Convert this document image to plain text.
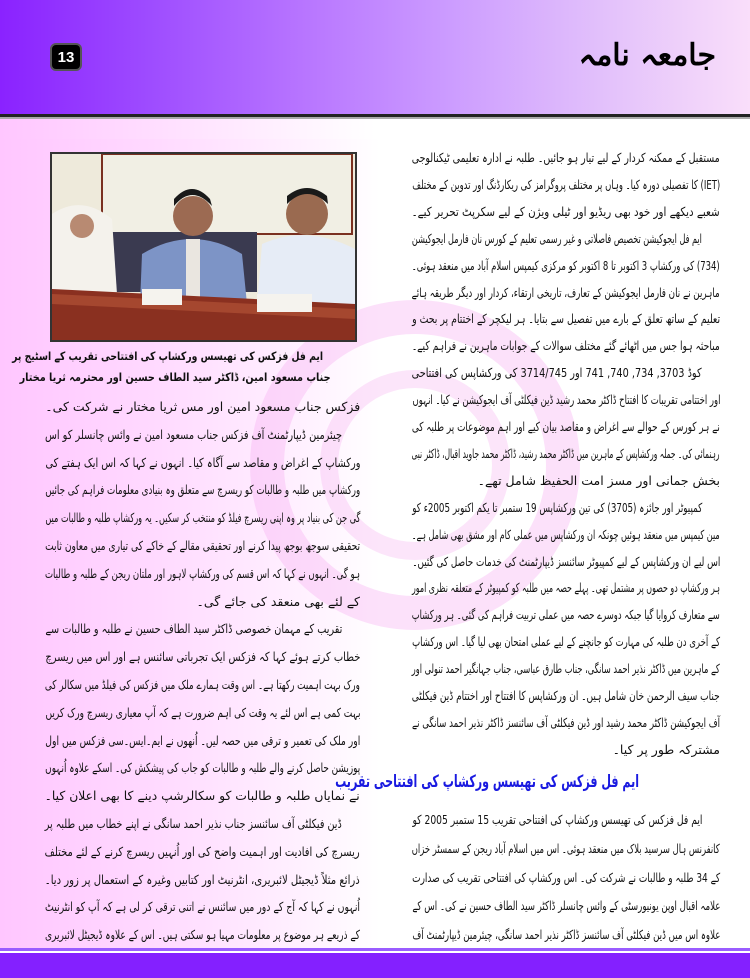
13	جامعہ نامہ
ایم فل فزکس کی تھیسس ورکشاپ کی افتتاحی تقریب کے اسٹیج پر
جناب مسعود امین، ڈاکٹر سید الطاف حسین اور محترمہ ثریا مختار
فزکس جناب مسعود امین اور مس ثریا مختار نے شرکت کی۔
چیئرمین ڈیپارٹمنٹ آف فزکس جناب مسعود امین نے وائس چانسلر کو اس
ورکشاپ کے اغراض و مقاصد سے آگاہ کیا۔ انہوں نے کہا کہ اس ایک ہفتے کی
ورکشاپ میں طلبہ و طالبات کو ریسرچ سے متعلق وہ بنیادی معلومات فراہم کی جائیں
گی جن کی بنیاد پر وہ اپنی ریسرچ فیلڈ کو منتخب کر سکیں۔ یہ ورکشاپ طلبہ و طالبات میں
تحقیقی سوجھ بوجھ پیدا کرنے اور تحقیقی مقالے کے خاکے کی تیاری میں معاون ثابت
ہو گی۔ انہوں نے کہا کہ اس قسم کی ورکشاپ لاہور اور ملتان ریجن کے طلبہ و طالبات
کے لئے بھی منعقد کی جائے گی۔
تقریب کے مہمان خصوصی ڈاکٹر سید الطاف حسین نے طلبہ و طالبات سے
خطاب کرتے ہوئے کہا کہ فزکس ایک تجرباتی سائنس ہے اور اس میں ریسرچ
ورک بہت اہمیت رکھتا ہے۔ اس وقت ہمارے ملک میں فزکس کی فیلڈ میں سکالر کی
بہت کمی ہے اس لئے یہ وقت کی اہم ضرورت ہے کہ آپ معیاری ریسرچ ورک کریں
اور ملک کی تعمیر و ترقی میں حصہ لیں۔ اُنھوں نے ایم۔ایس۔سی فزکس میں اول
پوزیشن حاصل کرنے والے طلبہ و طالبات کو جاب کی پیشکش کی۔ اسکے علاوہ اُنہوں
نے نمایاں طلبہ و طالبات کو سکالرشپ دینے کا بھی اعلان کیا۔
ڈین فیکلٹی آف سائنسز جناب نذیر احمد سانگی نے اپنے خطاب میں طلبہ پر
ریسرچ کی افادیت اور اہمیت واضح کی اور اُنہیں ریسرچ کرنے کے لئے مختلف
ذرائع مثلاً ڈیجیٹل لائبریری، انٹرنیٹ اور کتابیں وغیرہ کے استعمال پر زور دیا۔
اُنہوں نے کہا کہ آج کے دور میں سائنس نے اتنی ترقی کر لی ہے کہ آپ کو انٹرنیٹ
کے ذریعے ہر موضوع پر معلومات مہیا ہو سکتی ہیں۔ اس کے علاوہ ڈیجیٹل لائبریری
مستقبل کے ممکنہ کردار کے لیے تیار ہو جائیں۔ طلبہ نے ادارہ تعلیمی ٹیکنالوجی
(IET) کا تفصیلی دورہ کیا۔ وہاں پر مختلف پروگرامز کی ریکارڈنگ اور تدوین کے مختلف
شعبے دیکھے اور خود بھی ریڈیو اور ٹیلی ویژن کے لیے سکرپٹ تحریر کیے۔
ایم فل ایجوکیشن تخصیص فاصلاتی و غیر رسمی تعلیم کے کورس نان فارمل ایجوکیشن
(734) کی ورکشاپ 3 اکتوبر تا 8 اکتوبر کو مرکزی کیمپس اسلام آباد میں منعقد ہوئی۔
ماہرین نے نان فارمل ایجوکیشن کے تعارف، تاریخی ارتقاء، کردار اور دیگر طریقہ ہائے
تعلیم کے ساتھ تعلق کے بارے میں تفصیل سے بتایا۔ ہر لیکچر کے اختتام پر بحث و
مباحثہ ہوا جس میں اٹھائے گئے مختلف سوالات کے جوابات ماہرین نے فراہم کیے۔
کوڈ 3703, 734, 740, 741 اور 3714/745 کی ورکشاپس کی افتتاحی
اور اختتامی تقریبات کا افتتاح ڈاکٹر محمد رشید ڈین فیکلٹی آف ایجوکیشن نے کیا۔ انہوں
نے ہر کورس کے حوالے سے اغراض و مقاصد بیان کیے اور اہم موضوعات پر طلبہ کی
رہنمائی کی۔ جملہ ورکشاپس کے ماہرین میں ڈاکٹر محمد رشید، ڈاکٹر محمد جاوید اقبال، ڈاکٹر نبی
بخش جمانی اور مسز امت الحفیظ شامل تھے۔
کمپیوٹر اور جائزہ (3705) کی تین ورکشاپس 19 ستمبر تا یکم اکتوبر 2005ء کو
مین کیمپس میں منعقد ہوئیں چونکہ ان ورکشاپس میں عملی کام اور مشق بھی شامل ہے۔
اس لیے ان ورکشاپس کے لیے کمپیوٹر سائنسز ڈیپارٹمنٹ کی خدمات حاصل کی گئیں۔
ہر ورکشاپ دو حصوں پر مشتمل تھی۔ پہلے حصہ میں طلبہ کو کمپیوٹر کے متعلقہ نظری امور
سے متعارف کروایا گیا جبکہ دوسرے حصہ میں عملی تربیت فراہم کی گئی۔ ہر ورکشاپ
کے آخری دن طلبہ کی مہارت کو جانچنے کے لیے عملی امتحان بھی لیا گیا۔ اس ورکشاپ
کے ماہرین میں ڈاکٹر نذیر احمد سانگی، جناب طارق عباسی، جناب جہانگیر احمد تنولی اور
جناب سیف الرحمن خان شامل ہیں۔ ان ورکشاپس کا افتتاح اور اختتام ڈین فیکلٹی
آف ایجوکیشن ڈاکٹر محمد رشید اور ڈین فیکلٹی آف سائنسز ڈاکٹر نذیر احمد سانگی نے
مشترکہ طور پر کیا۔
ایم فل فزکس کی تھیسس ورکشاپ کی افتتاحی تقریب
ایم فل فزکس کی تھیسس ورکشاپ کی افتتاحی تقریب 15 ستمبر 2005 کو
کانفرنس ہال سرسید بلاک میں منعقد ہوئی۔ اس میں اسلام آباد ریجن کے سمسٹر خزاں
کے 34 طلبہ و طالبات نے شرکت کی۔ اس ورکشاپ کی افتتاحی تقریب کی صدارت
علامہ اقبال اوپن یونیورسٹی کے وائس چانسلر ڈاکٹر سید الطاف حسین نے کی۔ اس کے
علاوہ اس میں ڈین فیکلٹی آف سائنسز ڈاکٹر نذیر احمد سانگی، چیئرمین ڈیپارٹمنٹ آف
